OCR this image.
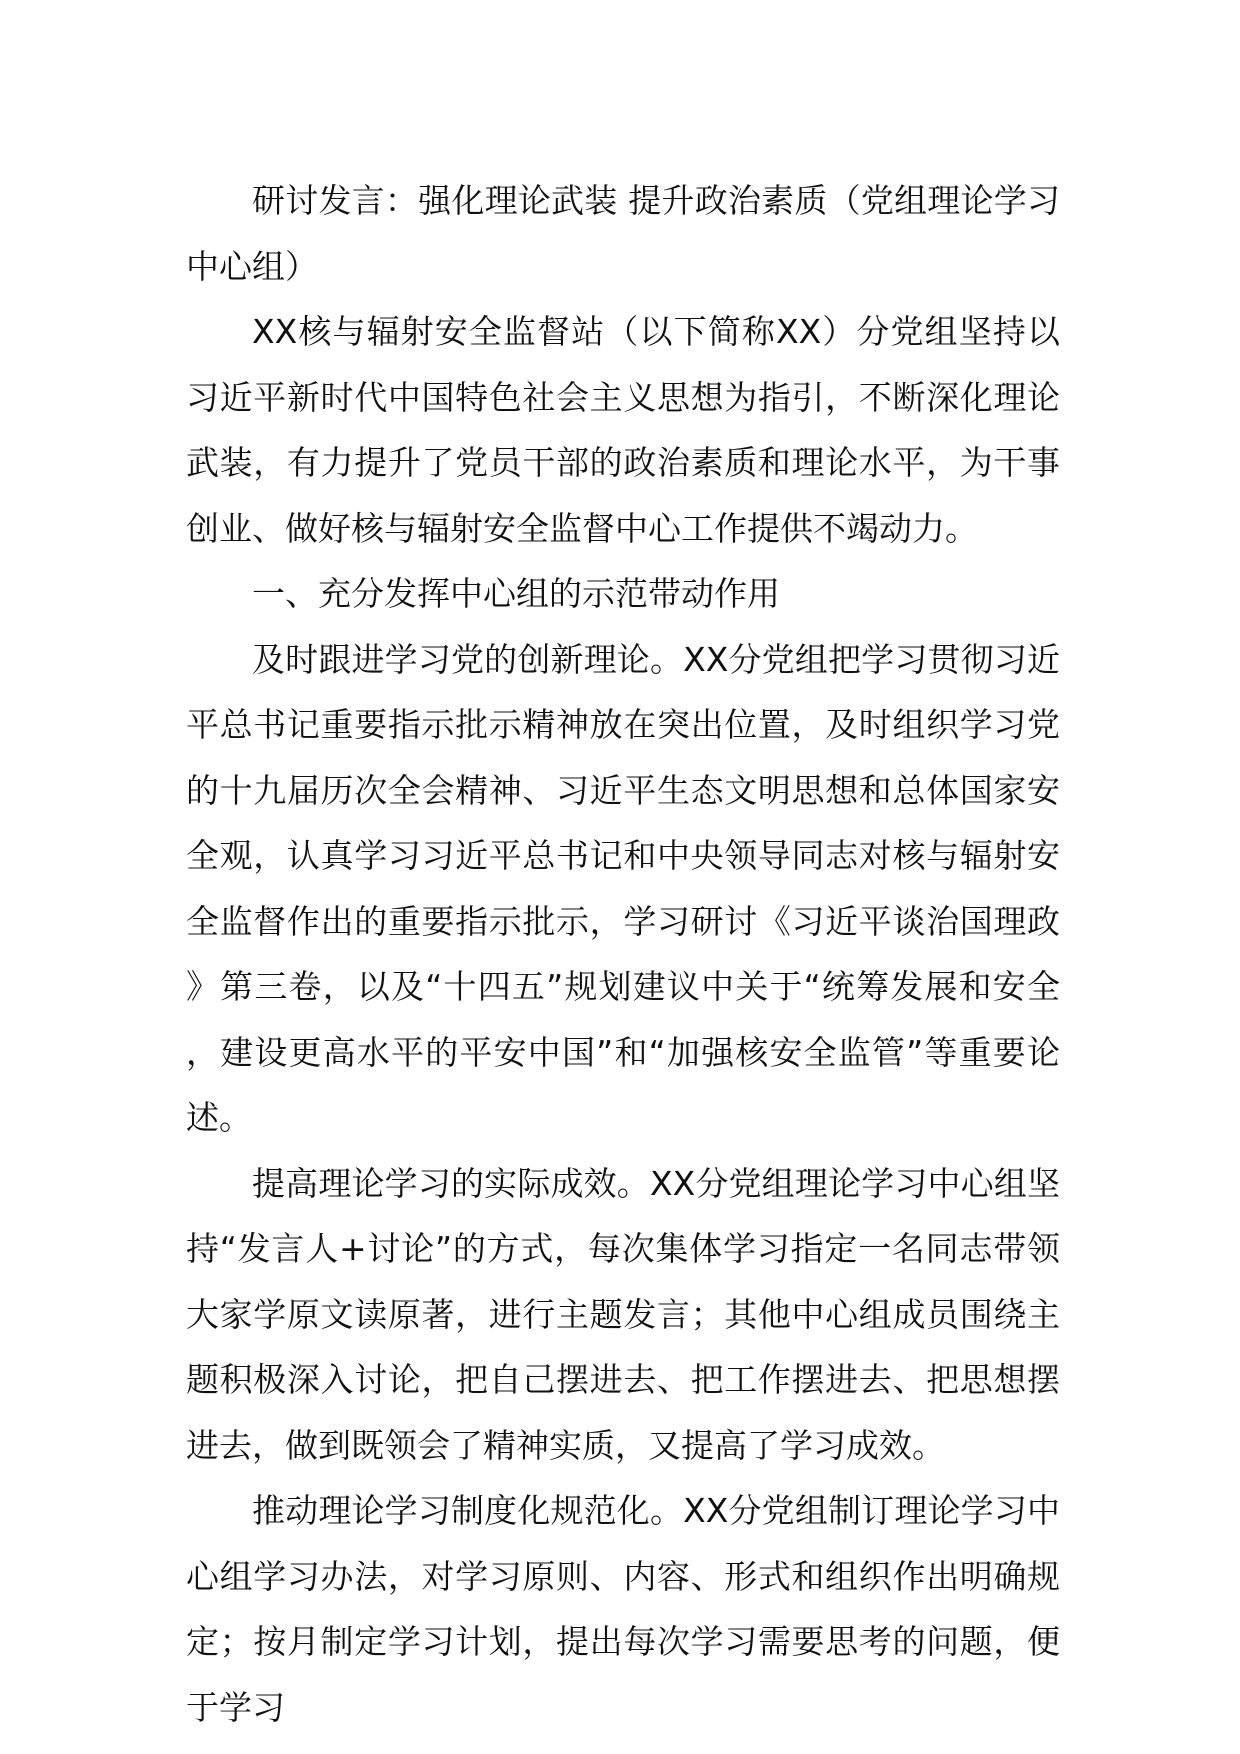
研讨发言：强化理论武装 提升政治素质（党组理论学习中心组）

XX核与辐射安全监督站（以下简称XX）分党组坚持以习近平新时代中国特色社会主义思想为指引，不断深化理论武装，有力提升了党员干部的政治素质和理论水平，为干事创业、做好核与辐射安全监督中心工作提供不竭动力。

一、充分发挥中心组的示范带动作用

及时跟进学习党的创新理论。XX分党组把学习贯彻习近平总书记重要指示批示精神放在突出位置，及时组织学习党的十九届历次全会精神、习近平生态文明思想和总体国家安全观，认真学习习近平总书记和中央领导同志对核与辐射安全监督作出的重要指示批示，学习研讨《习近平谈治国理政》第三卷，以及“十四五”规划建议中关于“统筹发展和安全，建设更高水平的平安中国”和“加强核安全监管”等重要论述。

提高理论学习的实际成效。XX分党组理论学习中心组坚持“发言人+讨论”的方式，每次集体学习指定一名同志带领大家学原文读原著，进行主题发言；其他中心组成员围绕主题积极深入讨论，把自己摆进去、把工作摆进去、把思想摆进去，做到既领会了精神实质，又提高了学习成效。

推动理论学习制度化规范化。XX分党组制订理论学习中心组学习办法，对学习原则、内容、形式和组织作出明确规定；按月制定学习计划，提出每次学习需要思考的问题，便于学习
